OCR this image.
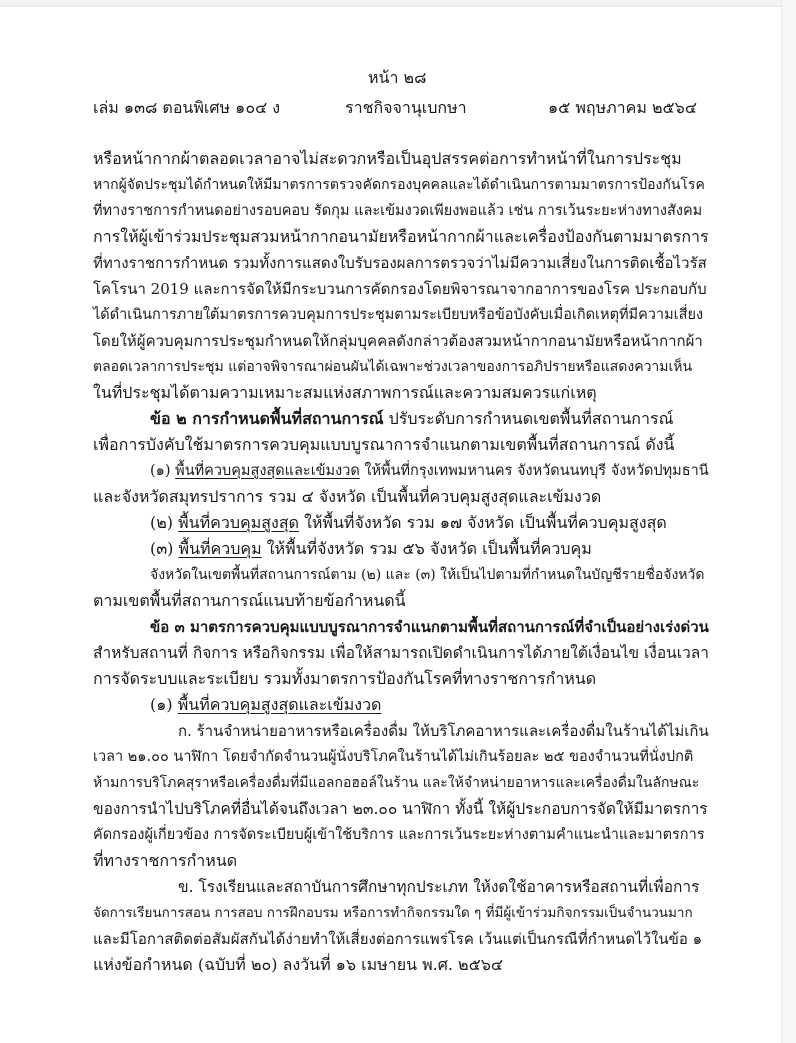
หน้า ๒๘
เล่ม ๑๓๘ ตอนพิเศษ ๑๐๔ ง	ราชกิจจานุเบกษา	๑๕ พฤษภาคม ๒๕๖๔
หรือหน้ากากผ้าตลอดเวลาอาจไม่สะดวกหรือเป็นอุปสรรคต่อการทำหน้าที่ในการประชุม
หากผู้จัดประชุมได้กำหนดให้มีมาตรการตรวจคัดกรองบุคคลและได้ดำเนินการตามมาตรการป้องกันโรค
ที่ทางราชการกำหนดอย่างรอบคอบ รัดกุม และเข้มงวดเพียงพอแล้ว เช่น การเว้นระยะห่างทางสังคม
การให้ผู้เข้าร่วมประชุมสวมหน้ากากอนามัยหรือหน้ากากผ้าและเครื่องป้องกันตามมาตรการ
ที่ทางราชการกำหนด รวมทั้งการแสดงใบรับรองผลการตรวจว่าไม่มีความเสี่ยงในการติดเชื้อไวรัส
โคโรนา 2019 และการจัดให้มีกระบวนการคัดกรองโดยพิจารณาจากอาการของโรค ประกอบกับ
ได้ดำเนินการภายใต้มาตรการควบคุมการประชุมตามระเบียบหรือข้อบังคับเมื่อเกิดเหตุที่มีความเสี่ยง
โดยให้ผู้ควบคุมการประชุมกำหนดให้กลุ่มบุคคลดังกล่าวต้องสวมหน้ากากอนามัยหรือหน้ากากผ้า
ตลอดเวลาการประชุม แต่อาจพิจารณาผ่อนผันได้เฉพาะช่วงเวลาของการอภิปรายหรือแสดงความเห็น
ในที่ประชุมได้ตามความเหมาะสมแห่งสภาพการณ์และความสมควรแก่เหตุ
ข้อ ๒ การกำหนดพื้นที่สถานการณ์ ปรับระดับการกำหนดเขตพื้นที่สถานการณ์
เพื่อการบังคับใช้มาตรการควบคุมแบบบูรณาการจำแนกตามเขตพื้นที่สถานการณ์ ดังนี้
(๑) พื้นที่ควบคุมสูงสุดและเข้มงวด ให้พื้นที่กรุงเทพมหานคร จังหวัดนนทบุรี จังหวัดปทุมธานี
และจังหวัดสมุทรปราการ รวม ๔ จังหวัด เป็นพื้นที่ควบคุมสูงสุดและเข้มงวด
(๒) พื้นที่ควบคุมสูงสุด ให้พื้นที่จังหวัด รวม ๑๗ จังหวัด เป็นพื้นที่ควบคุมสูงสุด
(๓) พื้นที่ควบคุม ให้พื้นที่จังหวัด รวม ๕๖ จังหวัด เป็นพื้นที่ควบคุม
จังหวัดในเขตพื้นที่สถานการณ์ตาม (๒) และ (๓) ให้เป็นไปตามที่กำหนดในบัญชีรายชื่อจังหวัด
ตามเขตพื้นที่สถานการณ์แนบท้ายข้อกำหนดนี้
ข้อ ๓ มาตรการควบคุมแบบบูรณาการจำแนกตามพื้นที่สถานการณ์ที่จำเป็นอย่างเร่งด่วน
สำหรับสถานที่ กิจการ หรือกิจกรรม เพื่อให้สามารถเปิดดำเนินการได้ภายใต้เงื่อนไข เงื่อนเวลา
การจัดระบบและระเบียบ รวมทั้งมาตรการป้องกันโรคที่ทางราชการกำหนด
(๑) พื้นที่ควบคุมสูงสุดและเข้มงวด
ก. ร้านจำหน่ายอาหารหรือเครื่องดื่ม ให้บริโภคอาหารและเครื่องดื่มในร้านได้ไม่เกิน
เวลา ๒๑.๐๐ นาฬิกา โดยจำกัดจำนวนผู้นั่งบริโภคในร้านได้ไม่เกินร้อยละ ๒๕ ของจำนวนที่นั่งปกติ
ห้ามการบริโภคสุราหรือเครื่องดื่มที่มีแอลกอฮอล์ในร้าน และให้จำหน่ายอาหารและเครื่องดื่มในลักษณะ
ของการนำไปบริโภคที่อื่นได้จนถึงเวลา ๒๓.๐๐ นาฬิกา ทั้งนี้ ให้ผู้ประกอบการจัดให้มีมาตรการ
คัดกรองผู้เกี่ยวข้อง การจัดระเบียบผู้เข้าใช้บริการ และการเว้นระยะห่างตามคำแนะนำและมาตรการ
ที่ทางราชการกำหนด
ข. โรงเรียนและสถาบันการศึกษาทุกประเภท ให้งดใช้อาคารหรือสถานที่เพื่อการ
จัดการเรียนการสอน การสอบ การฝึกอบรม หรือการทำกิจกรรมใด ๆ ที่มีผู้เข้าร่วมกิจกรรมเป็นจำนวนมาก
และมีโอกาสติดต่อสัมผัสกันได้ง่ายทำให้เสี่ยงต่อการแพร่โรค เว้นแต่เป็นกรณีที่กำหนดไว้ในข้อ ๑
แห่งข้อกำหนด (ฉบับที่ ๒๐) ลงวันที่ ๑๖ เมษายน พ.ศ. ๒๕๖๔
